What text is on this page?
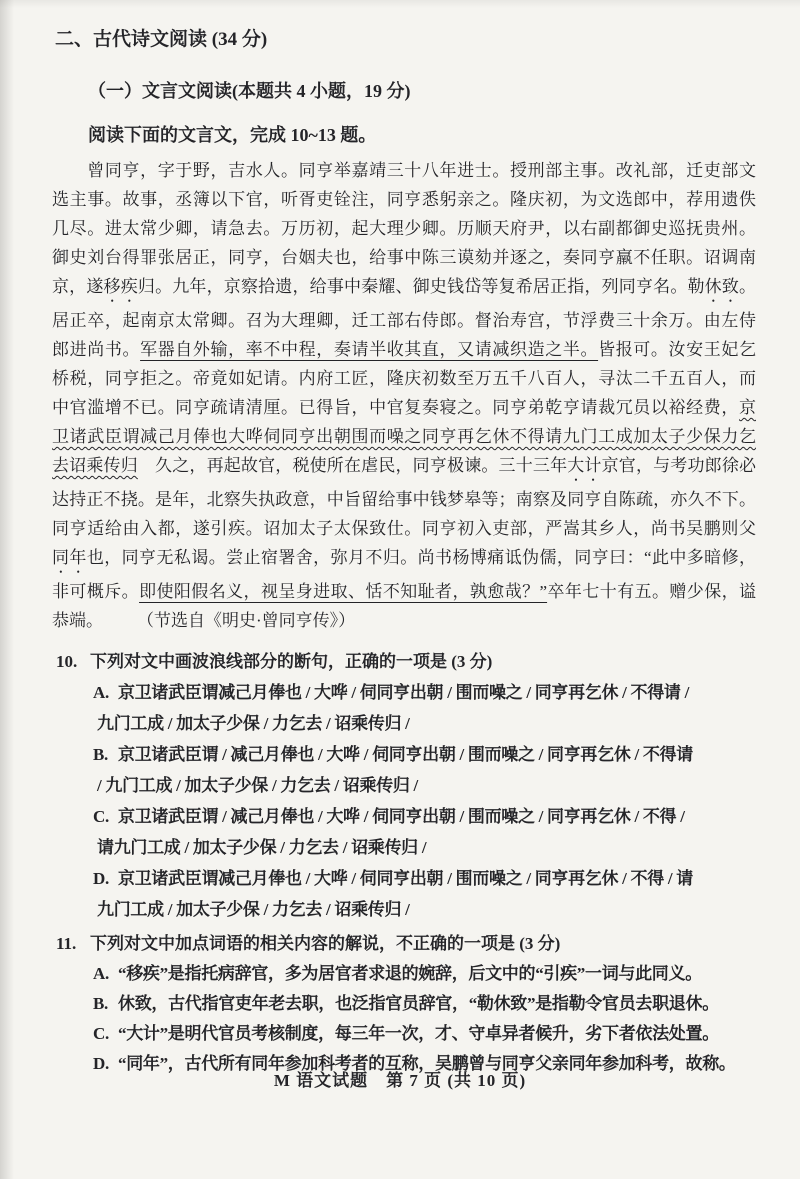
二、古代诗文阅读 (34 分)
（一）文言文阅读(本题共 4 小题，19 分)
阅读下面的文言文，完成 10~13 题。
　　曾同亨，字于野，吉水人。同亨举嘉靖三十八年进士。授刑部主事。改礼部，迁吏部文
选主事。故事，丞簿以下官，听胥吏铨注，同亨悉躬亲之。隆庆初，为文选郎中，荐用遗佚
几尽。进太常少卿，请急去。万历初，起大理少卿。历顺天府尹，以右副都御史巡抚贵州。
御史刘台得罪张居正，同亨，台姻夫也，给事中陈三谟劾并逐之，奏同亨羸不任职。诏调南
京，遂移疾归。九年，京察拾遗，给事中秦耀、御史钱岱等复希居正指，列同亨名。勒休致。
居正卒，起南京太常卿。召为大理卿，迁工部右侍郎。督治寿宫，节浮费三十余万。由左侍
郎进尚书。军器自外输，率不中程，奏请半收其直，又请减织造之半。皆报可。汝安王妃乞
桥税，同亨拒之。帝竟如妃请。内府工匠，隆庆初数至万五千八百人，寻汰二千五百人，而
中官滥增不已。同亨疏请清厘。已得旨，中官复奏寝之。同亨弟乾亨请裁冗员以裕经费，京
卫诸武臣谓减己月俸也大哗伺同亨出朝围而噪之同亨再乞休不得请九门工成加太子少保力乞
去诏乘传归　久之，再起故官，税使所在虐民，同亨极谏。三十三年大计京官，与考功郎徐必
达持正不挠。是年，北察失执政意，中旨留给事中钱梦皋等；南察及同亨自陈疏，亦久不下。
同亨适给由入都，遂引疾。诏加太子太保致仕。同亨初入吏部，严嵩其乡人，尚书吴鹏则父
同年也，同亨无私谒。尝止宿署舍，弥月不归。尚书杨博痛诋伪儒，同亨曰：“此中多暗修，
非可概斥。即使阳假名义，视呈身进取、恬不知耻者，孰愈哉？”卒年七十有五。赠少保，谥
恭端。　　　（节选自《明史·曾同亨传》）
10. 下列对文中画波浪线部分的断句，正确的一项是 (3 分)
A. 京卫诸武臣谓减己月俸也 / 大哗 / 伺同亨出朝 / 围而噪之 / 同亨再乞休 / 不得请 /
九门工成 / 加太子少保 / 力乞去 / 诏乘传归 /
B. 京卫诸武臣谓 / 减己月俸也 / 大哗 / 伺同亨出朝 / 围而噪之 / 同亨再乞休 / 不得请
/ 九门工成 / 加太子少保 / 力乞去 / 诏乘传归 /
C. 京卫诸武臣谓 / 减己月俸也 / 大哗 / 伺同亨出朝 / 围而噪之 / 同亨再乞休 / 不得 /
请九门工成 / 加太子少保 / 力乞去 / 诏乘传归 /
D. 京卫诸武臣谓减己月俸也 / 大哗 / 伺同亨出朝 / 围而噪之 / 同亨再乞休 / 不得 / 请
九门工成 / 加太子少保 / 力乞去 / 诏乘传归 /
11. 下列对文中加点词语的相关内容的解说，不正确的一项是 (3 分)
A. “移疾”是指托病辞官，多为居官者求退的婉辞，后文中的“引疾”一词与此同义。
B. 休致，古代指官吏年老去职，也泛指官员辞官，“勒休致”是指勒令官员去职退休。
C. “大计”是明代官员考核制度，每三年一次，才、守卓异者候升，劣下者依法处置。
D. “同年”，古代所有同年参加科考者的互称，吴鹏曾与同亨父亲同年参加科考，故称。
M 语文试题　第 7 页 (共 10 页)
